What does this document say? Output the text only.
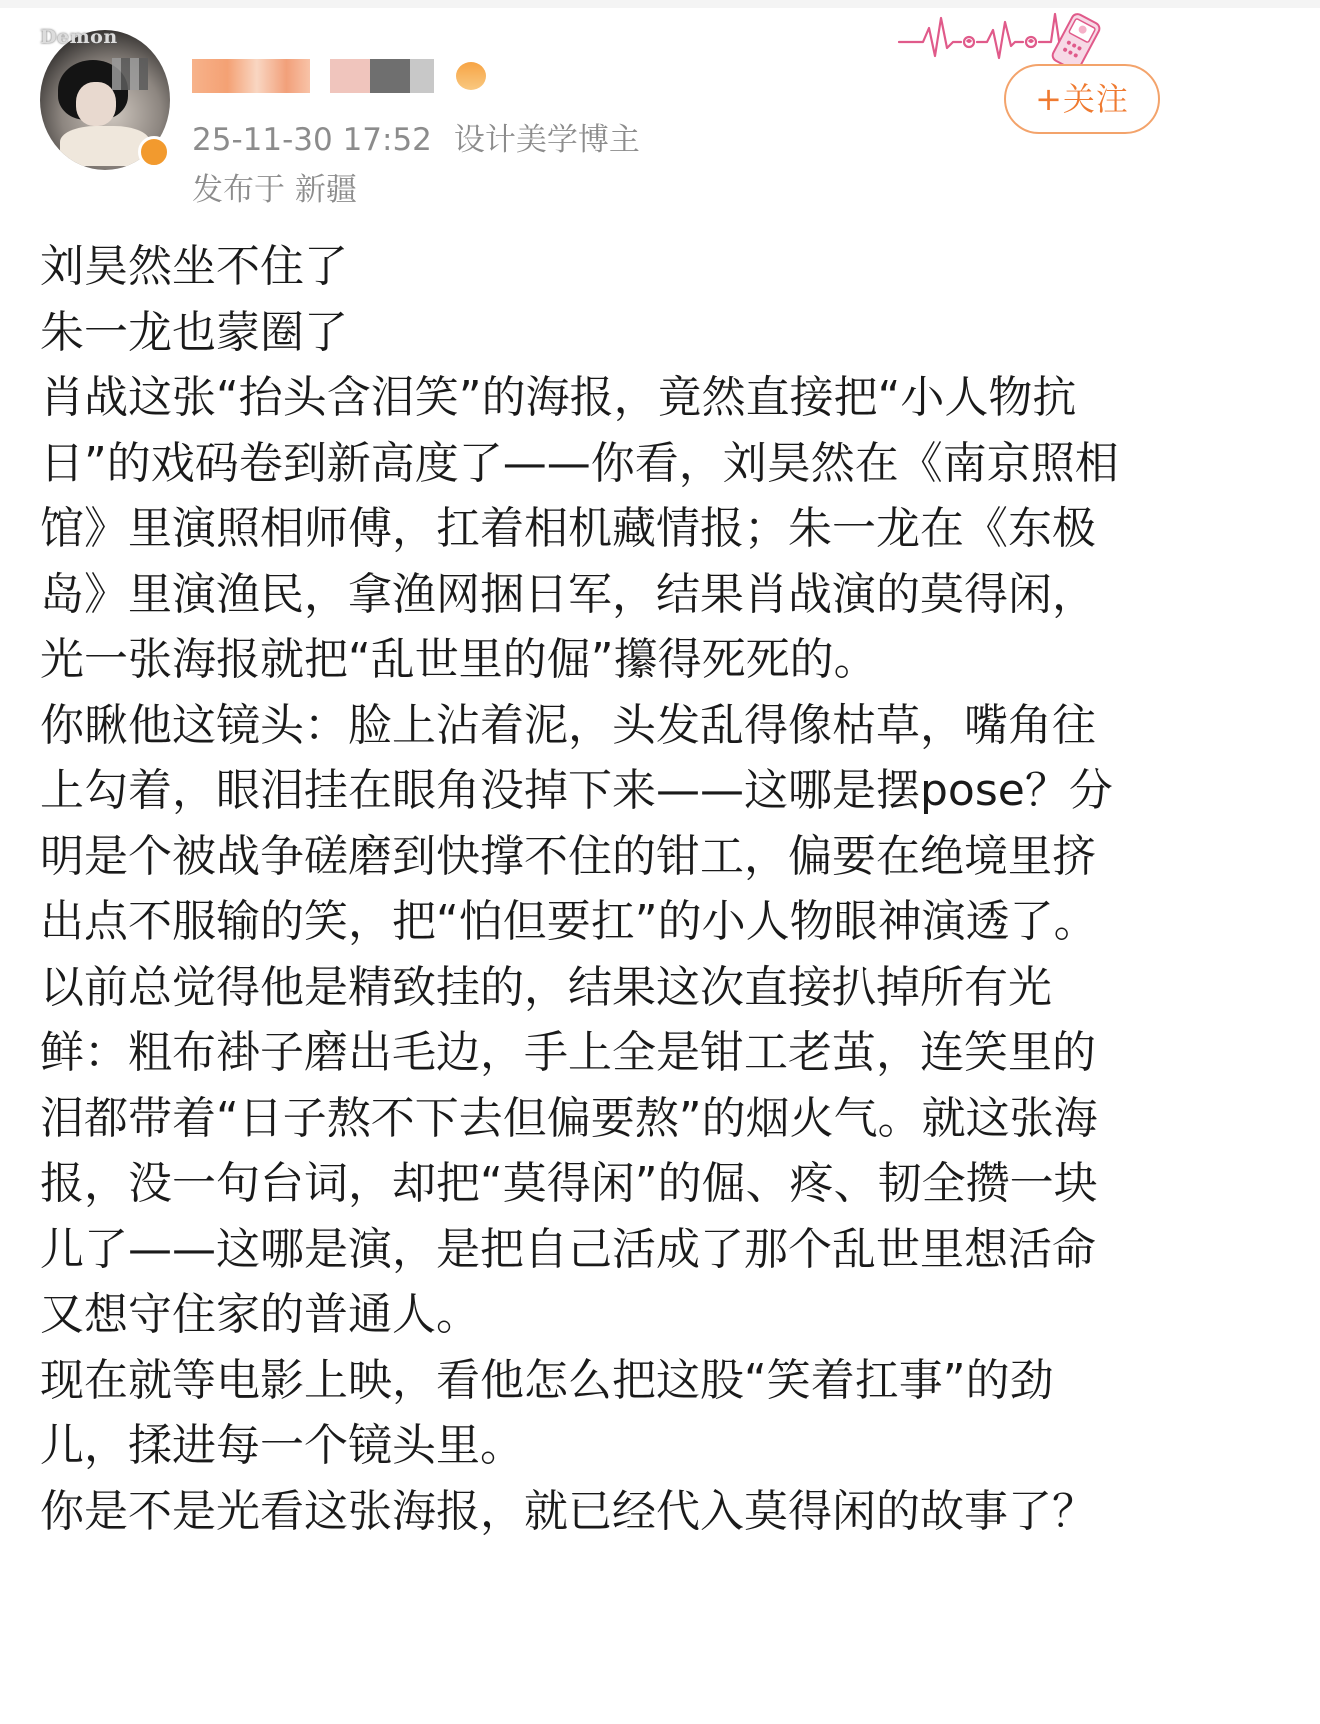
Demon
25-11-30 17:52 设计美学博主
发布于 新疆
+关注
刘昊然坐不住了
朱一龙也蒙圈了
肖战这张“抬头含泪笑”的海报，竟然直接把“小人物抗
日”的戏码卷到新高度了——你看，刘昊然在《南京照相
馆》里演照相师傅，扛着相机藏情报；朱一龙在《东极
岛》里演渔民，拿渔网捆日军，结果肖战演的莫得闲，
光一张海报就把“乱世里的倔”攥得死死的。
你瞅他这镜头：脸上沾着泥，头发乱得像枯草，嘴角往
上勾着，眼泪挂在眼角没掉下来——这哪是摆pose？分
明是个被战争磋磨到快撑不住的钳工，偏要在绝境里挤
出点不服输的笑，把“怕但要扛”的小人物眼神演透了。
以前总觉得他是精致挂的，结果这次直接扒掉所有光
鲜：粗布褂子磨出毛边，手上全是钳工老茧，连笑里的
泪都带着“日子熬不下去但偏要熬”的烟火气。就这张海
报，没一句台词，却把“莫得闲”的倔、疼、韧全攒一块
儿了——这哪是演，是把自己活成了那个乱世里想活命
又想守住家的普通人。
现在就等电影上映，看他怎么把这股“笑着扛事”的劲
儿，揉进每一个镜头里。
你是不是光看这张海报，就已经代入莫得闲的故事了？
